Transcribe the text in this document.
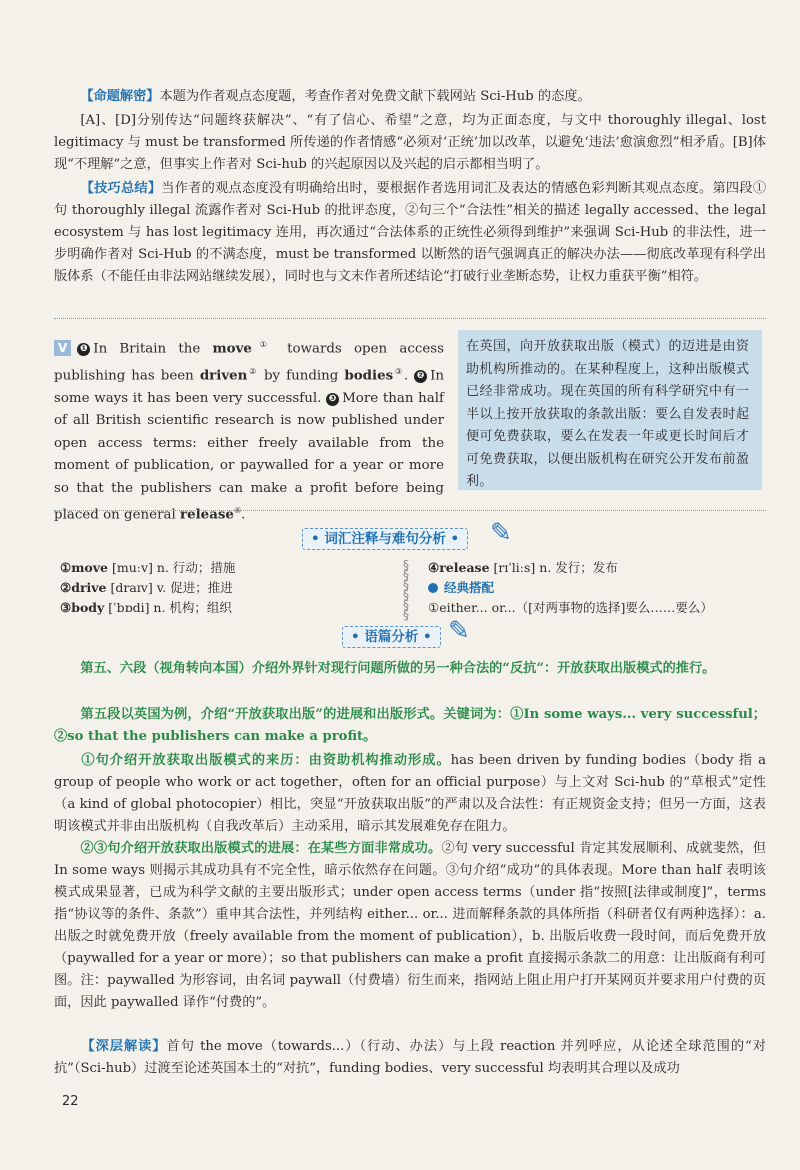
  【命题解密】本题为作者观点态度题，考查作者对免费文献下载网站 Sci-Hub 的态度。
[A]、[D]分别传达“问题终获解决”、“有了信心、希望”之意，均为正面态度，与文中 thoroughly illegal、lost legitimacy 与 must be transformed 所传递的作者情感“必须对‘正统’加以改革，以避免‘违法’愈演愈烈”相矛盾。[B]体现“不理解”之意，但事实上作者对 Sci-hub 的兴起原因以及兴起的启示都相当明了。
  【技巧总结】当作者的观点态度没有明确给出时，要根据作者选用词汇及表达的情感色彩判断其观点态度。第四段①句 thoroughly illegal 流露作者对 Sci-Hub 的批评态度，②句三个“合法性”相关的描述 legally accessed、the legal ecosystem 与 has lost legitimacy 连用，再次通过“合法体系的正统性必须得到维护”来强调 Sci-Hub 的非法性，进一步明确作者对 Sci-Hub 的不满态度，must be transformed 以断然的语气强调真正的解决办法——彻底改革现有科学出版体系（不能任由非法网站继续发展），同时也与文末作者所述结论“打破行业垄断态势，让权力重获平衡”相符。
V ❶ In Britain the move① towards open access publishing has been driven② by funding bodies③. ❷ In some ways it has been very successful. ❸ More than half of all British scientific research is now published under open access terms: either freely available from the moment of publication, or paywalled for a year or more so that the publishers can make a profit before being placed on general release④.
在英国，向开放获取出版（模式）的迈进是由资助机构所推动的。在某种程度上，这种出版模式已经非常成功。现在英国的所有科学研究中有一半以上按开放获取的条款出版：要么自发表时起便可免费获取，要么在发表一年或更长时间后才可免费获取，以便出版机构在研究公开发布前盈利。
• 词汇注释与难句分析 •	✎
①move [muːv] n. 行动；措施
②drive [draɪv] v. 促进；推进
③body [ˈbɒdi] n. 机构；组织
§
§
§
§
§
§
④release [rɪˈliːs] n. 发行；发布
经典搭配
①either... or...（[对两事物的选择]要么……要么）
• 语篇分析 • ✎
  第五、六段（视角转向本国）介绍外界针对现行问题所做的另一种合法的“反抗”：开放获取出版模式的推行。
  第五段以英国为例，介绍“开放获取出版”的进展和出版形式。关键词为：①In some ways... very successful；②so that the publishers can make a profit。
  ①句介绍开放获取出版模式的来历：由资助机构推动形成。has been driven by funding bodies（body 指 a group of people who work or act together，often for an official purpose）与上文对 Sci-hub 的“草根式”定性（a kind of global photocopier）相比，突显“开放获取出版”的严肃以及合法性：有正规资金支持；但另一方面，这表明该模式并非由出版机构（自我改革后）主动采用，暗示其发展难免存在阻力。
  ②③句介绍开放获取出版模式的进展：在某些方面非常成功。②句 very successful 肯定其发展顺利、成就斐然，但 In some ways 则揭示其成功具有不完全性，暗示依然存在问题。③句介绍“成功”的具体表现。More than half 表明该模式成果显著，已成为科学文献的主要出版形式；under open access terms（under 指“按照[法律或制度]”，terms 指“协议等的条件、条款”）重申其合法性，并列结构 either... or... 进而解释条款的具体所指（科研者仅有两种选择）：a. 出版之时就免费开放（freely available from the moment of publication），b. 出版后收费一段时间，而后免费开放（paywalled for a year or more）；so that publishers can make a profit 直接揭示条款二的用意：让出版商有利可图。注：paywalled 为形容词，由名词 paywall（付费墙）衍生而来，指网站上阻止用户打开某网页并要求用户付费的页面，因此 paywalled 译作“付费的”。
  【深层解读】首句 the move（towards...）（行动、办法）与上段 reaction 并列呼应，从论述全球范围的“对抗”（Sci-hub）过渡至论述英国本土的“对抗”，funding bodies、very successful 均表明其合理以及成功
22
